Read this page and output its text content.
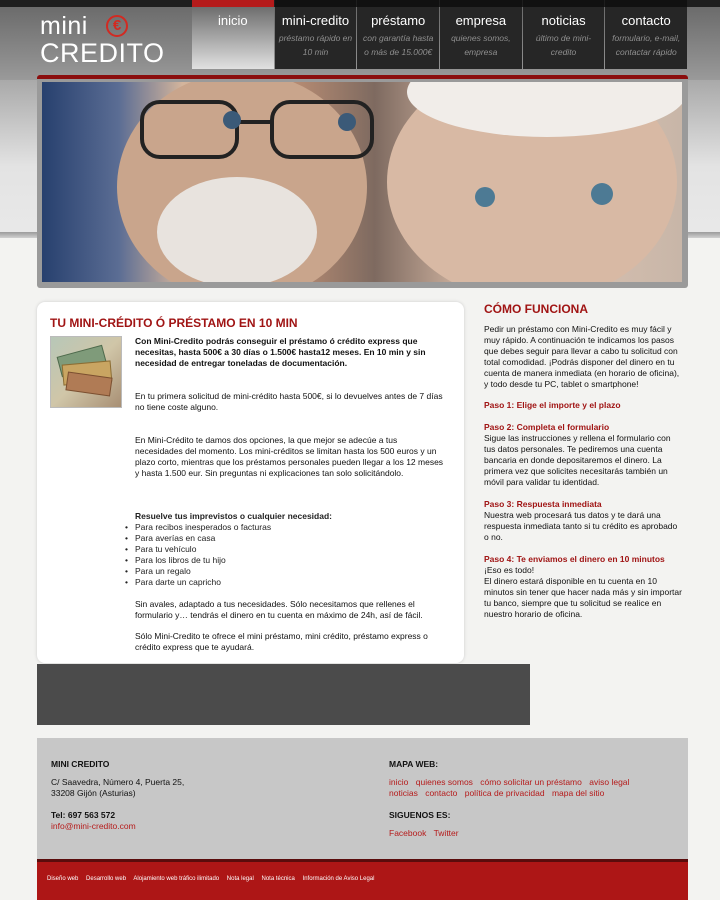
mini	€
CREDITO
inicio	mini-credito
préstamo rápido en 10 min
préstamo
con garantía hasta o más de 15.000€
empresa
quienes somos, empresa
noticias
último de mini-credito
contacto
formulario, e-mail, contactar rápido
TU MINI-CRÉDITO Ó PRÉSTAMO EN 10 MIN

Con Mini-Credito podrás conseguir el préstamo ó crédito express que necesitas, hasta 500€ a 30 días o 1.500€ hasta12 meses. En 10 min y sin necesidad de entregar toneladas de documentación.

En tu primera solicitud de mini-crédito hasta 500€, si lo devuelves antes de 7 días no tiene coste alguno.

En Mini-Crédito te damos dos opciones, la que mejor se adecúe a tus necesidades del momento. Los mini-créditos se limitan hasta los 500 euros y un plazo corto, mientras que los préstamos personales pueden llegar a los 12 meses y hasta 1.500 eur. Sin preguntas ni explicaciones tan solo solicitándolo.

Resuelve tus imprevistos o cualquier necesidad:

• Para recibos inesperados o facturas
• Para averías en casa
• Para tu vehículo
• Para los libros de tu hijo
• Para un regalo
• Para darte un capricho

Sin avales, adaptado a tus necesidades. Sólo necesitamos que rellenes el formulario y… tendrás el dinero en tu cuenta en máximo de 24h, así de fácil.

Sólo Mini-Credito te ofrece el mini préstamo, mini crédito, préstamo express o crédito express que te ayudará.

CÓMO FUNCIONA

Pedir un préstamo con Mini-Credito es muy fácil y muy rápido. A continuación te indicamos los pasos que debes seguir para llevar a cabo tu solicitud con total comodidad. ¡Podrás disponer del dinero en tu cuenta de manera inmediata (en horario de oficina), y todo desde tu PC, tablet o smartphone!

Paso 1: Elige el importe y el plazo

Paso 2: Completa el formulario

Sigue las instrucciones y rellena el formulario con tus datos personales. Te pediremos una cuenta bancaria en donde depositaremos el dinero. La primera vez que solicites necesitarás también un móvil para validar tu identidad.

Paso 3: Respuesta inmediata

Nuestra web procesará tus datos y te dará una respuesta inmediata tanto si tu crédito es aprobado o no.

Paso 4: Te enviamos el dinero en 10 minutos

¡Eso es todo!

El dinero estará disponible en tu cuenta en 10 minutos sin tener que hacer nada más y sin importar tu banco, siempre que tu solicitud se realice en nuestro horario de oficina.

MINI CREDITO
C/ Saavedra, Número 4, Puerta 25,
33208 Gijón (Asturias)
Tel: 697 563 572
info@mini-credito.com
MAPA WEB:
inicio quienes somos cómo solicitar un préstamo aviso legal
noticias contacto política de privacidad mapa del sitio
SIGUENOS ES:
Facebook Twitter
Diseño web Desarrollo web Alojamiento web tráfico ilimitado Nota legal Nota técnica Información de Aviso Legal
